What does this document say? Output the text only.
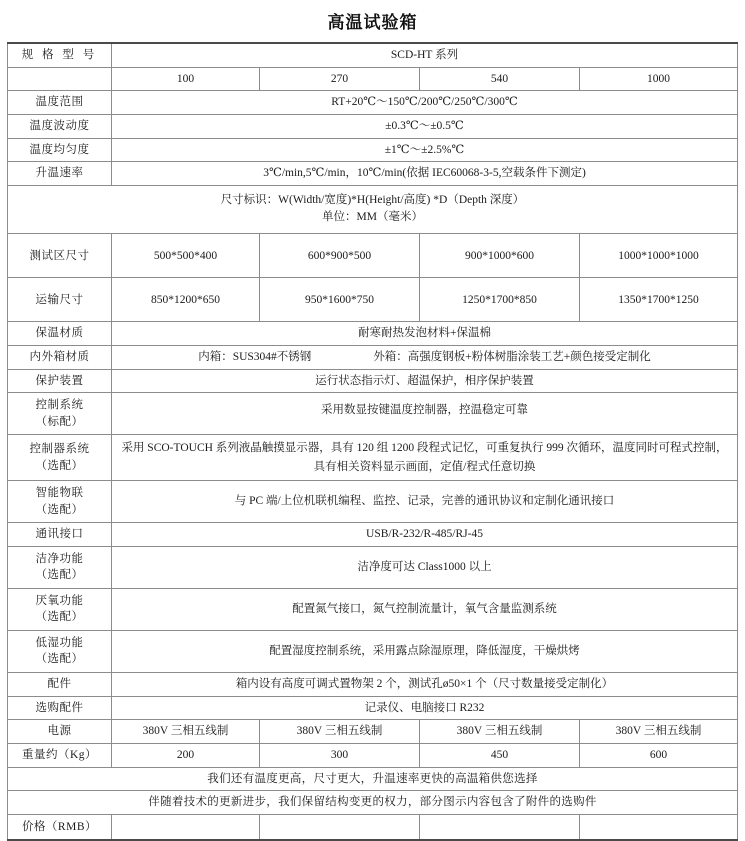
高温试验箱
规 格 型 号	SCD-HT 系列			
	100	270	540	1000
温度范围	RT+20℃～150℃/200℃/250℃/300℃			
温度波动度	±0.3℃～±0.5℃			
温度均匀度	±1℃～±2.5%℃			
升温速率	3℃/min,5℃/min，10℃/min(依据 IEC60068-3-5,空载条件下测定)			

尺寸标识：W(Width/宽度)*H(Height/高度) *D（Depth 深度）
单位：MM（毫米）				

测试区尺寸	500*500*400	600*900*500	900*1000*600	1000*1000*1000
运输尺寸	850*1200*650	950*1600*750	1250*1700*850	1350*1700*1250
保温材质	耐寒耐热发泡材料+保温棉			
内外箱材质	内箱：SUS304#不锈钢 外箱：高强度钢板+粉体树脂涂装工艺+颜色接受定制化			

保护装置	运行状态指示灯、超温保护，相序保护装置			

控制系统
（标配）	采用数显按键温度控制器，控温稳定可靠			

控制器系统
（选配）	采用 SCO-TOUCH 系列液晶触摸显示器，具有 120 组 1200 段程式记忆，可重复执行 999 次循环，温度同时可程式控制，具有相关资料显示画面，定值/程式任意切换			

智能物联
（选配）	与 PC 端/上位机联机编程、监控、记录，完善的通讯协议和定制化通讯接口			
通讯接口	USB/R-232/R-485/RJ-45			

洁净功能
（选配）	洁净度可达 Class1000 以上			

厌氧功能
（选配）	配置氮气接口，氮气控制流量计，氧气含量监测系统			

低湿功能
（选配）	配置湿度控制系统，采用露点除湿原理，降低湿度，干燥烘烤			
配件	箱内设有高度可调式置物架 2 个，测试孔ø50×1 个（尺寸数量接受定制化）			
选购配件	记录仪、电脑接口 R232			
电源	380V 三相五线制	380V 三相五线制	380V 三相五线制	380V 三相五线制
重量约（Kg）	200	300	450	600
我们还有温度更高，尺寸更大，升温速率更快的高温箱供您选择				
伴随着技术的更新进步，我们保留结构变更的权力，部分图示内容包含了附件的选购件				
价格（RMB）				
